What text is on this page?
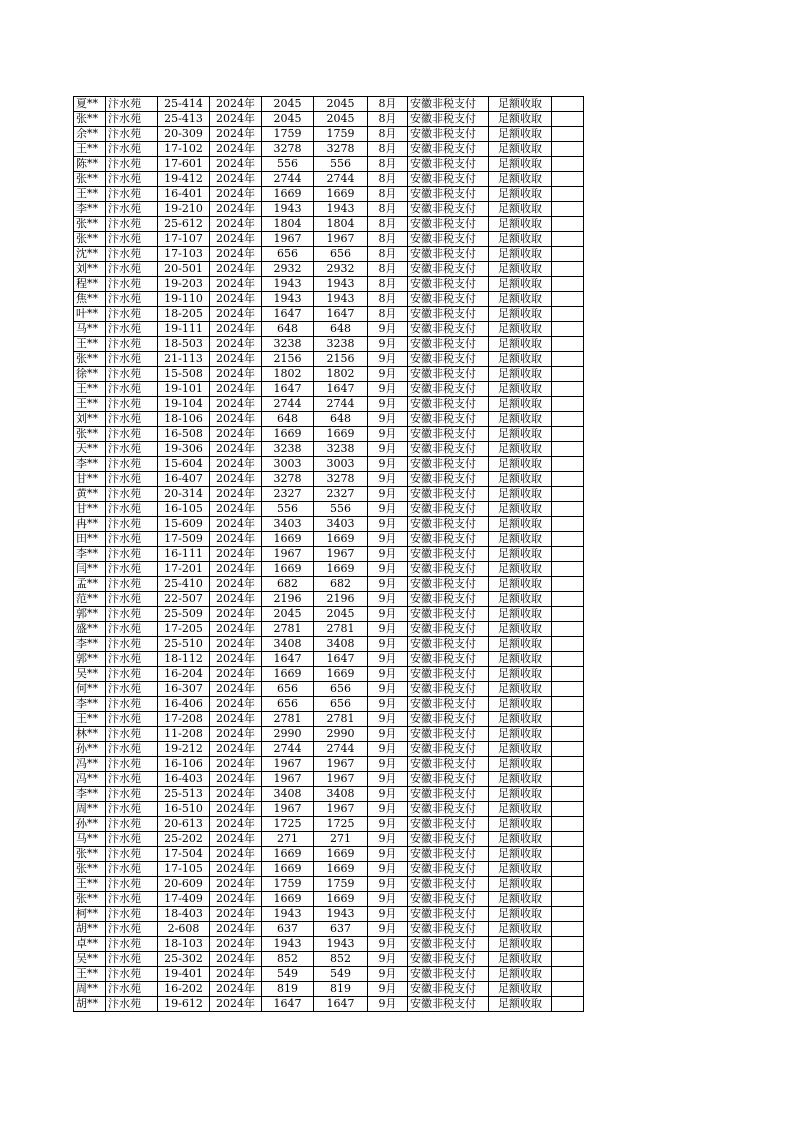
夏**	汴水苑	25-414	2024年	2045	2045	8月	安徽非税支付	足额收取	
张**	汴水苑	25-413	2024年	2045	2045	8月	安徽非税支付	足额收取	
余**	汴水苑	20-309	2024年	1759	1759	8月	安徽非税支付	足额收取	
王**	汴水苑	17-102	2024年	3278	3278	8月	安徽非税支付	足额收取	
陈**	汴水苑	17-601	2024年	556	556	8月	安徽非税支付	足额收取	
张**	汴水苑	19-412	2024年	2744	2744	8月	安徽非税支付	足额收取	
王**	汴水苑	16-401	2024年	1669	1669	8月	安徽非税支付	足额收取	
李**	汴水苑	19-210	2024年	1943	1943	8月	安徽非税支付	足额收取	
张**	汴水苑	25-612	2024年	1804	1804	8月	安徽非税支付	足额收取	
张**	汴水苑	17-107	2024年	1967	1967	8月	安徽非税支付	足额收取	
沈**	汴水苑	17-103	2024年	656	656	8月	安徽非税支付	足额收取	
刘**	汴水苑	20-501	2024年	2932	2932	8月	安徽非税支付	足额收取	
程**	汴水苑	19-203	2024年	1943	1943	8月	安徽非税支付	足额收取	
焦**	汴水苑	19-110	2024年	1943	1943	8月	安徽非税支付	足额收取	
叶**	汴水苑	18-205	2024年	1647	1647	8月	安徽非税支付	足额收取	
马**	汴水苑	19-111	2024年	648	648	9月	安徽非税支付	足额收取	
王**	汴水苑	18-503	2024年	3238	3238	9月	安徽非税支付	足额收取	
张**	汴水苑	21-113	2024年	2156	2156	9月	安徽非税支付	足额收取	
徐**	汴水苑	15-508	2024年	1802	1802	9月	安徽非税支付	足额收取	
王**	汴水苑	19-101	2024年	1647	1647	9月	安徽非税支付	足额收取	
王**	汴水苑	19-104	2024年	2744	2744	9月	安徽非税支付	足额收取	
刘**	汴水苑	18-106	2024年	648	648	9月	安徽非税支付	足额收取	
张**	汴水苑	16-508	2024年	1669	1669	9月	安徽非税支付	足额收取	
天**	汴水苑	19-306	2024年	3238	3238	9月	安徽非税支付	足额收取	
李**	汴水苑	15-604	2024年	3003	3003	9月	安徽非税支付	足额收取	
甘**	汴水苑	16-407	2024年	3278	3278	9月	安徽非税支付	足额收取	
黄**	汴水苑	20-314	2024年	2327	2327	9月	安徽非税支付	足额收取	
甘**	汴水苑	16-105	2024年	556	556	9月	安徽非税支付	足额收取	
冉**	汴水苑	15-609	2024年	3403	3403	9月	安徽非税支付	足额收取	
田**	汴水苑	17-509	2024年	1669	1669	9月	安徽非税支付	足额收取	
李**	汴水苑	16-111	2024年	1967	1967	9月	安徽非税支付	足额收取	
闫**	汴水苑	17-201	2024年	1669	1669	9月	安徽非税支付	足额收取	
孟**	汴水苑	25-410	2024年	682	682	9月	安徽非税支付	足额收取	
范**	汴水苑	22-507	2024年	2196	2196	9月	安徽非税支付	足额收取	
郭**	汴水苑	25-509	2024年	2045	2045	9月	安徽非税支付	足额收取	
盛**	汴水苑	17-205	2024年	2781	2781	9月	安徽非税支付	足额收取	
李**	汴水苑	25-510	2024年	3408	3408	9月	安徽非税支付	足额收取	
郭**	汴水苑	18-112	2024年	1647	1647	9月	安徽非税支付	足额收取	
吴**	汴水苑	16-204	2024年	1669	1669	9月	安徽非税支付	足额收取	
何**	汴水苑	16-307	2024年	656	656	9月	安徽非税支付	足额收取	
李**	汴水苑	16-406	2024年	656	656	9月	安徽非税支付	足额收取	
王**	汴水苑	17-208	2024年	2781	2781	9月	安徽非税支付	足额收取	
林**	汴水苑	11-208	2024年	2990	2990	9月	安徽非税支付	足额收取	
孙**	汴水苑	19-212	2024年	2744	2744	9月	安徽非税支付	足额收取	
冯**	汴水苑	16-106	2024年	1967	1967	9月	安徽非税支付	足额收取	
冯**	汴水苑	16-403	2024年	1967	1967	9月	安徽非税支付	足额收取	
李**	汴水苑	25-513	2024年	3408	3408	9月	安徽非税支付	足额收取	
周**	汴水苑	16-510	2024年	1967	1967	9月	安徽非税支付	足额收取	
孙**	汴水苑	20-613	2024年	1725	1725	9月	安徽非税支付	足额收取	
马**	汴水苑	25-202	2024年	271	271	9月	安徽非税支付	足额收取	
张**	汴水苑	17-504	2024年	1669	1669	9月	安徽非税支付	足额收取	
张**	汴水苑	17-105	2024年	1669	1669	9月	安徽非税支付	足额收取	
王**	汴水苑	20-609	2024年	1759	1759	9月	安徽非税支付	足额收取	
张**	汴水苑	17-409	2024年	1669	1669	9月	安徽非税支付	足额收取	
柯**	汴水苑	18-403	2024年	1943	1943	9月	安徽非税支付	足额收取	
胡**	汴水苑	2-608	2024年	637	637	9月	安徽非税支付	足额收取	
卓**	汴水苑	18-103	2024年	1943	1943	9月	安徽非税支付	足额收取	
吴**	汴水苑	25-302	2024年	852	852	9月	安徽非税支付	足额收取	
王**	汴水苑	19-401	2024年	549	549	9月	安徽非税支付	足额收取	
周**	汴水苑	16-202	2024年	819	819	9月	安徽非税支付	足额收取	
胡**	汴水苑	19-612	2024年	1647	1647	9月	安徽非税支付	足额收取	
